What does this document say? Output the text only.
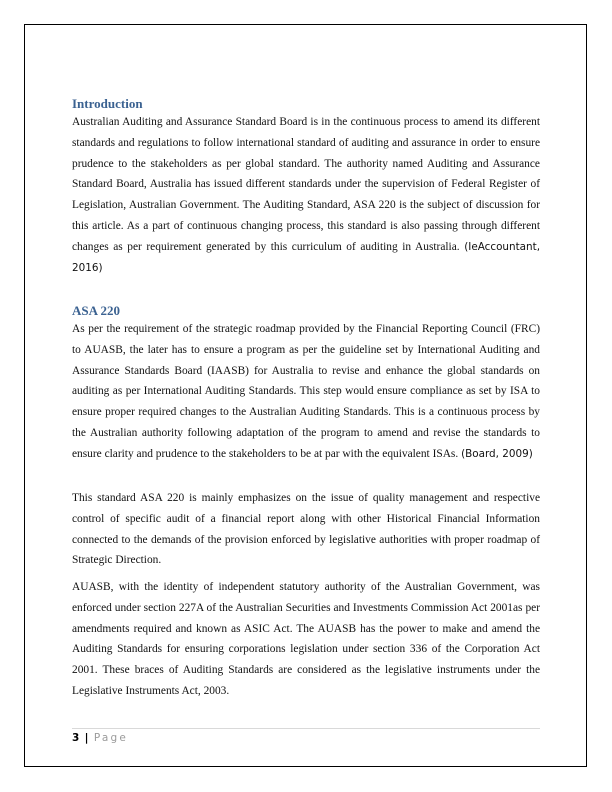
Introduction

Australian Auditing and Assurance Standard Board is in the continuous process to amend its different standards and regulations to follow international standard of auditing and assurance in order to ensure prudence to the stakeholders as per global standard. The authority named Auditing and Assurance Standard Board, Australia has issued different standards under the supervision of Federal Register of Legislation, Australian Government. The Auditing Standard, ASA 220 is the subject of discussion for this article. As a part of continuous changing process, this standard is also passing through different changes as per requirement generated by this curriculum of auditing in Australia. (IeAccountant, 2016)

ASA 220

As per the requirement of the strategic roadmap provided by the Financial Reporting Council (FRC) to AUASB, the later has to ensure a program as per the guideline set by International Auditing and Assurance Standards Board (IAASB) for Australia to revise and enhance the global standards on auditing as per International Auditing Standards. This step would ensure compliance as set by ISA to ensure proper required changes to the Australian Auditing Standards. This is a continuous process by the Australian authority following adaptation of the program to amend and revise the standards to ensure clarity and prudence to the stakeholders to be at par with the equivalent ISAs. (Board, 2009)

This standard ASA 220 is mainly emphasizes on the issue of quality management and respective control of specific audit of a financial report along with other Historical Financial Information connected to the demands of the provision enforced by legislative authorities with proper roadmap of Strategic Direction.

AUASB, with the identity of independent statutory authority of the Australian Government, was enforced under section 227A of the Australian Securities and Investments Commission Act 2001as per amendments required and known as ASIC Act. The AUASB has the power to make and amend the Auditing Standards for ensuring corporations legislation under section 336 of the Corporation Act 2001. These braces of Auditing Standards are considered as the legislative instruments under the Legislative Instruments Act, 2003.

3 | Page
